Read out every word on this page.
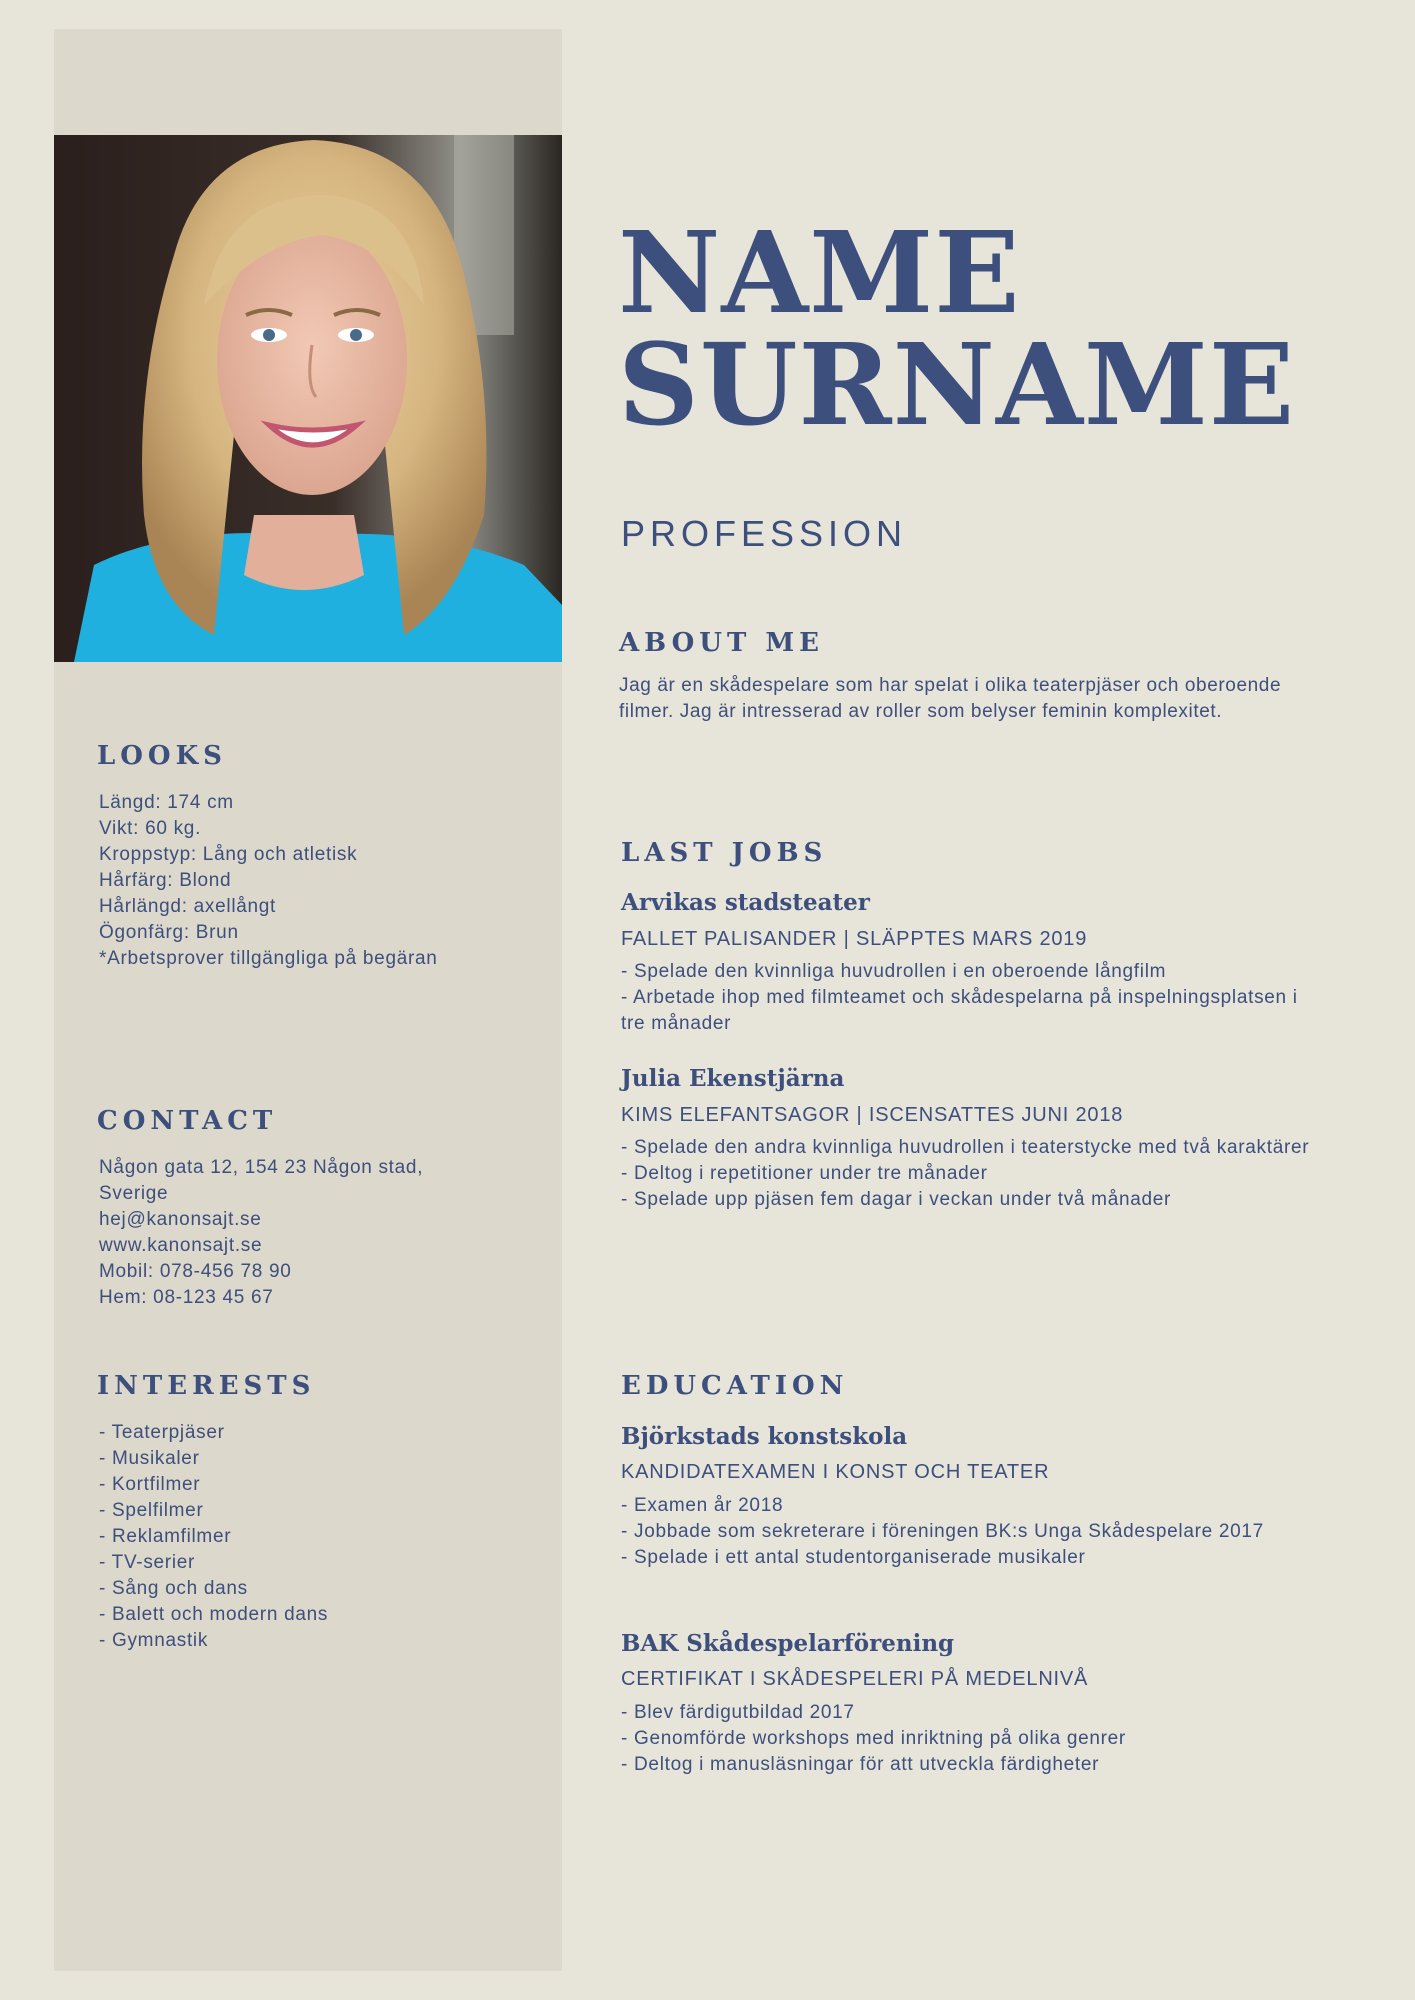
NAME
SURNAME
PROFESSION
ABOUT ME

Jag är en skådespelare som har spelat i olika teaterpjäser och oberoende filmer. Jag är intresserad av roller som belyser feminin komplexitet.

LOOKS
Längd: 174 cm
Vikt: 60 kg.
Kroppstyp: Lång och atletisk
Hårfärg: Blond
Hårlängd: axellångt
Ögonfärg: Brun
*Arbetsprover tillgängliga på begäran
CONTACT
Någon gata 12, 154 23 Någon stad,
Sverige
hej@kanonsajt.se
www.kanonsajt.se
Mobil: 078-456 78 90
Hem: 08-123 45 67
INTERESTS
- Teaterpjäser
- Musikaler
- Kortfilmer
- Spelfilmer
- Reklamfilmer
- TV-serier
- Sång och dans
- Balett och modern dans
- Gymnastik
LAST JOBS
Arvikas stadsteater
FALLET PALISANDER | SLÄPPTES MARS 2019
- Spelade den kvinnliga huvudrollen i en oberoende långfilm
- Arbetade ihop med filmteamet och skådespelarna på inspelningsplatsen i
tre månader
Julia Ekenstjärna
KIMS ELEFANTSAGOR | ISCENSATTES JUNI 2018
- Spelade den andra kvinnliga huvudrollen i teaterstycke med två karaktärer
- Deltog i repetitioner under tre månader
- Spelade upp pjäsen fem dagar i veckan under två månader
EDUCATION
Björkstads konstskola
KANDIDATEXAMEN I KONST OCH TEATER
- Examen år 2018
- Jobbade som sekreterare i föreningen BK:s Unga Skådespelare 2017
- Spelade i ett antal studentorganiserade musikaler
BAK Skådespelarförening
CERTIFIKAT I SKÅDESPELERI PÅ MEDELNIVÅ
- Blev färdigutbildad 2017
- Genomförde workshops med inriktning på olika genrer
- Deltog i manusläsningar för att utveckla färdigheter
